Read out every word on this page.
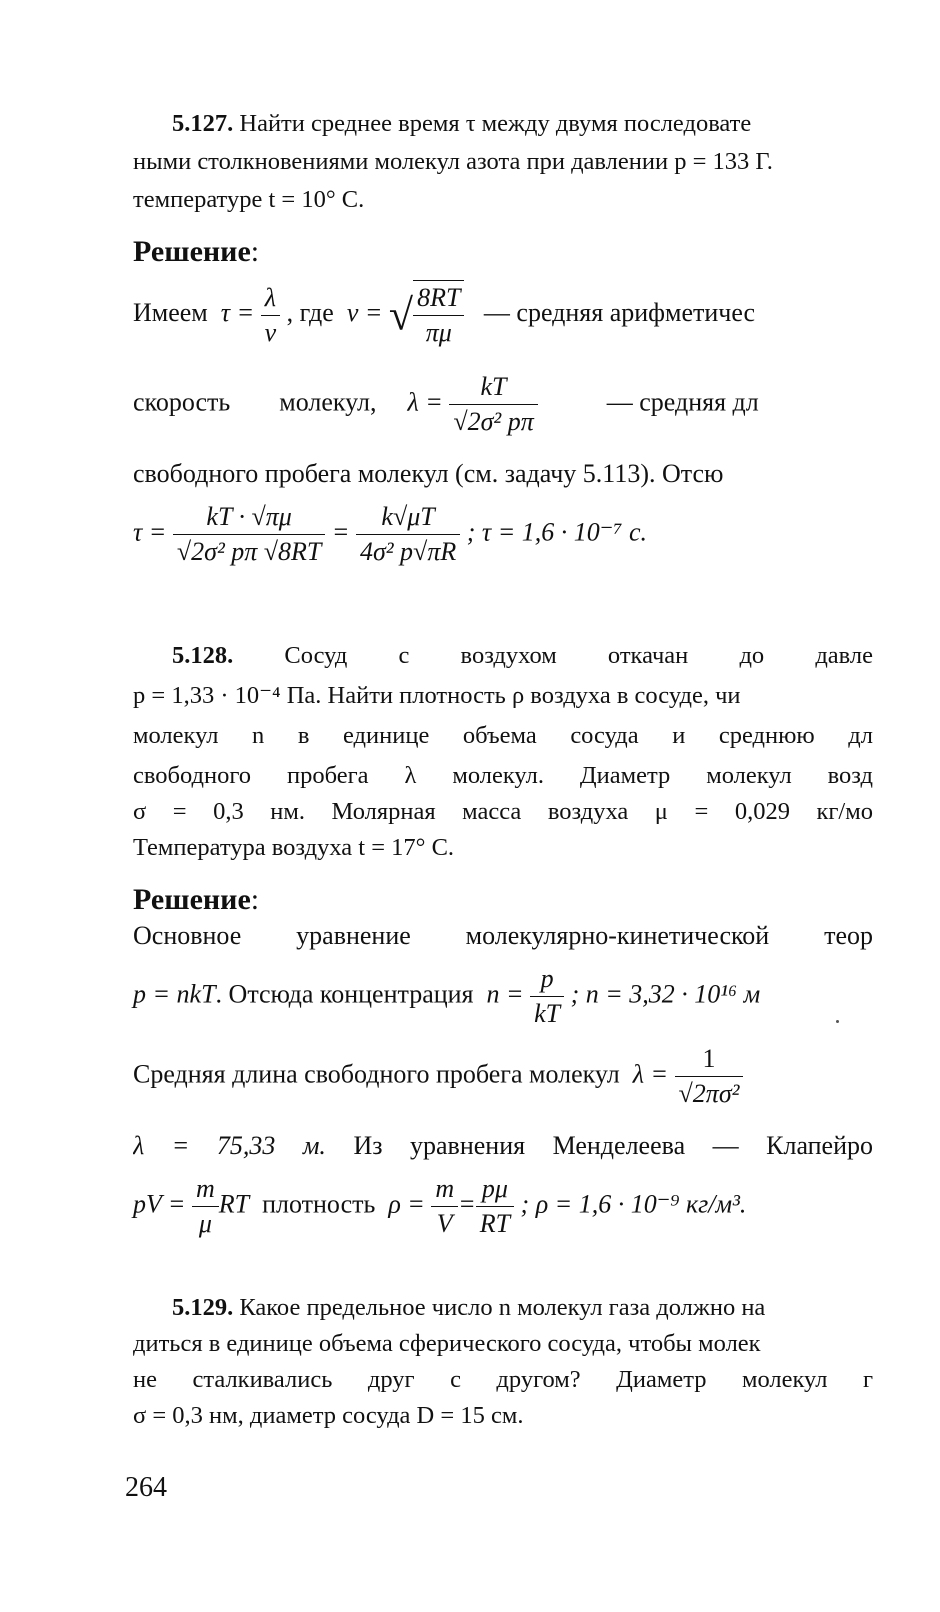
5.127. Найти среднее время τ между двумя последовате
ными столкновениями молекул азота при давлении p = 133 Г.
температуре t = 10° С.
Решение:
Имеем $\tau = \frac{\lambda}{v}$ , где v = √ $\frac{8RT}{\pi\mu}$ — средняя арифметичес
скорость молекул, $\lambda = \frac{kT}{\text{√2σ² pπ}}$	— средняя дл
свободного пробега молекул (см. задачу 5.113). Отсю
$\tau = \frac{kT \cdot √\pi\mu}{\text{√2σ² pπ √8RT}} = \frac{k√\mu T}{\text{4σ² p√πR}}$ ; τ = 1,6 · 10⁻⁷ с.
5.128. Сосуд с воздухом откачан до давле
p = 1,33 · 10⁻⁴ Па. Найти плотность ρ воздуха в сосуде, чи
молекул n в единице объема сосуда и среднюю дл
свободного пробега λ молекул. Диаметр молекул возд
σ = 0,3 нм. Молярная масса воздуха μ = 0,029 кг/мо
Температура воздуха t = 17° С.
Решение:
Основное уравнение молекулярно-кинетической теор
p = nkT. Отсюда концентрация $n = \frac{p}{kT}$ ; n = 3,32 · 10¹⁶ м
Средняя длина свободного пробега молекул $\lambda = \frac{1}{\text{√2πσ²}}$
λ = 75,33 м. Из уравнения Менделеева — Клапейро
pV = $\frac{m}{\mu}$ RT плотность $\rho = \frac{m}{V} = \frac{p\mu}{RT}$ ; ρ = 1,6 · 10⁻⁹ кг/м³.
5.129. Какое предельное число n молекул газа должно на
диться в единице объема сферического сосуда, чтобы молек
не сталкивались друг с другом? Диаметр молекул г
σ = 0,3 нм, диаметр сосуда D = 15 см.
264
